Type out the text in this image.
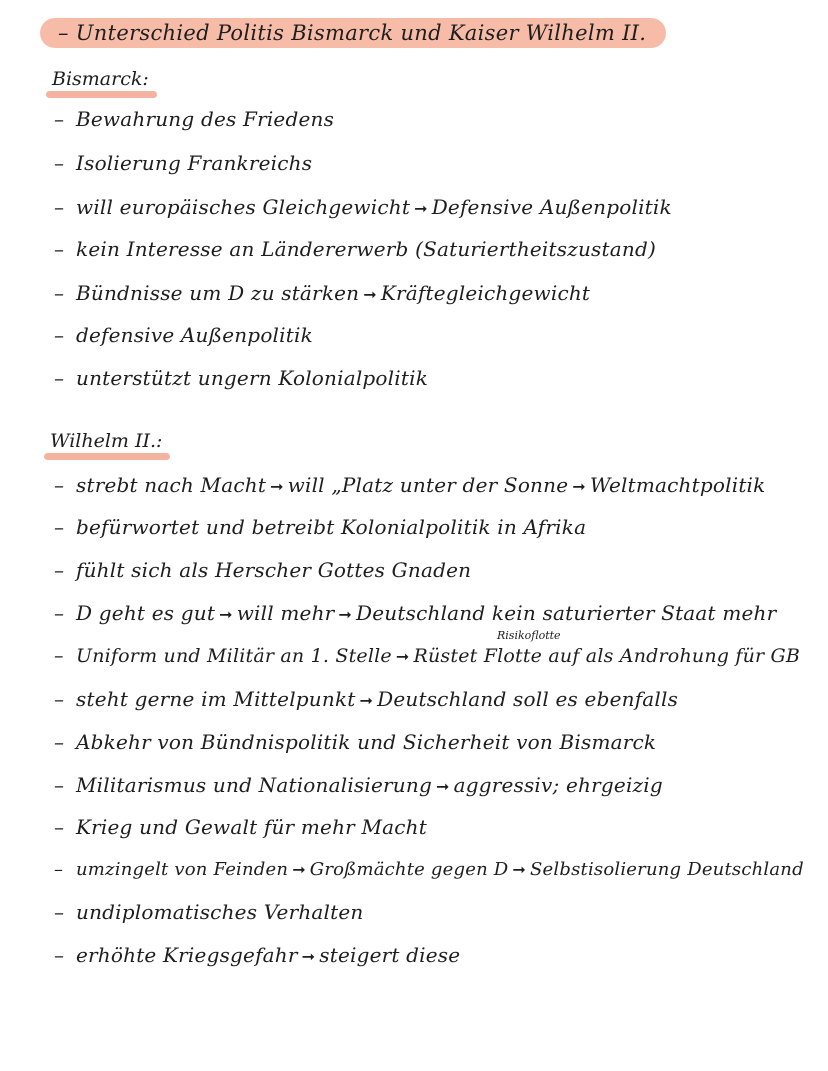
– Unterschied Politis Bismarck und Kaiser Wilhelm II.
Bismarck:
– Bewahrung des Friedens
– Isolierung Frankreichs
– will europäisches Gleichgewicht ➞ Defensive Außenpolitik
– kein Interesse an Ländererwerb (Saturiertheitszustand)
– Bündnisse um D zu stärken ➞ Kräftegleichgewicht
– defensive Außenpolitik
– unterstützt ungern Kolonialpolitik
Wilhelm II.:
– strebt nach Macht ➞ will „Platz unter der Sonne ➞ Weltmachtpolitik
– befürwortet und betreibt Kolonialpolitik in Afrika
– fühlt sich als Herscher Gottes Gnaden
– D geht es gut ➞ will mehr ➞ Deutschland kein saturierter Staat mehr
Risikoflotte
– Uniform und Militär an 1. Stelle ➞ Rüstet Flotte auf als Androhung für GB
– steht gerne im Mittelpunkt ➞ Deutschland soll es ebenfalls
– Abkehr von Bündnispolitik und Sicherheit von Bismarck
– Militarismus und Nationalisierung ➞ aggressiv; ehrgeizig
– Krieg und Gewalt für mehr Macht
– umzingelt von Feinden ➞ Großmächte gegen D ➞ Selbstisolierung Deutschland
– undiplomatisches Verhalten
– erhöhte Kriegsgefahr ➞ steigert diese
